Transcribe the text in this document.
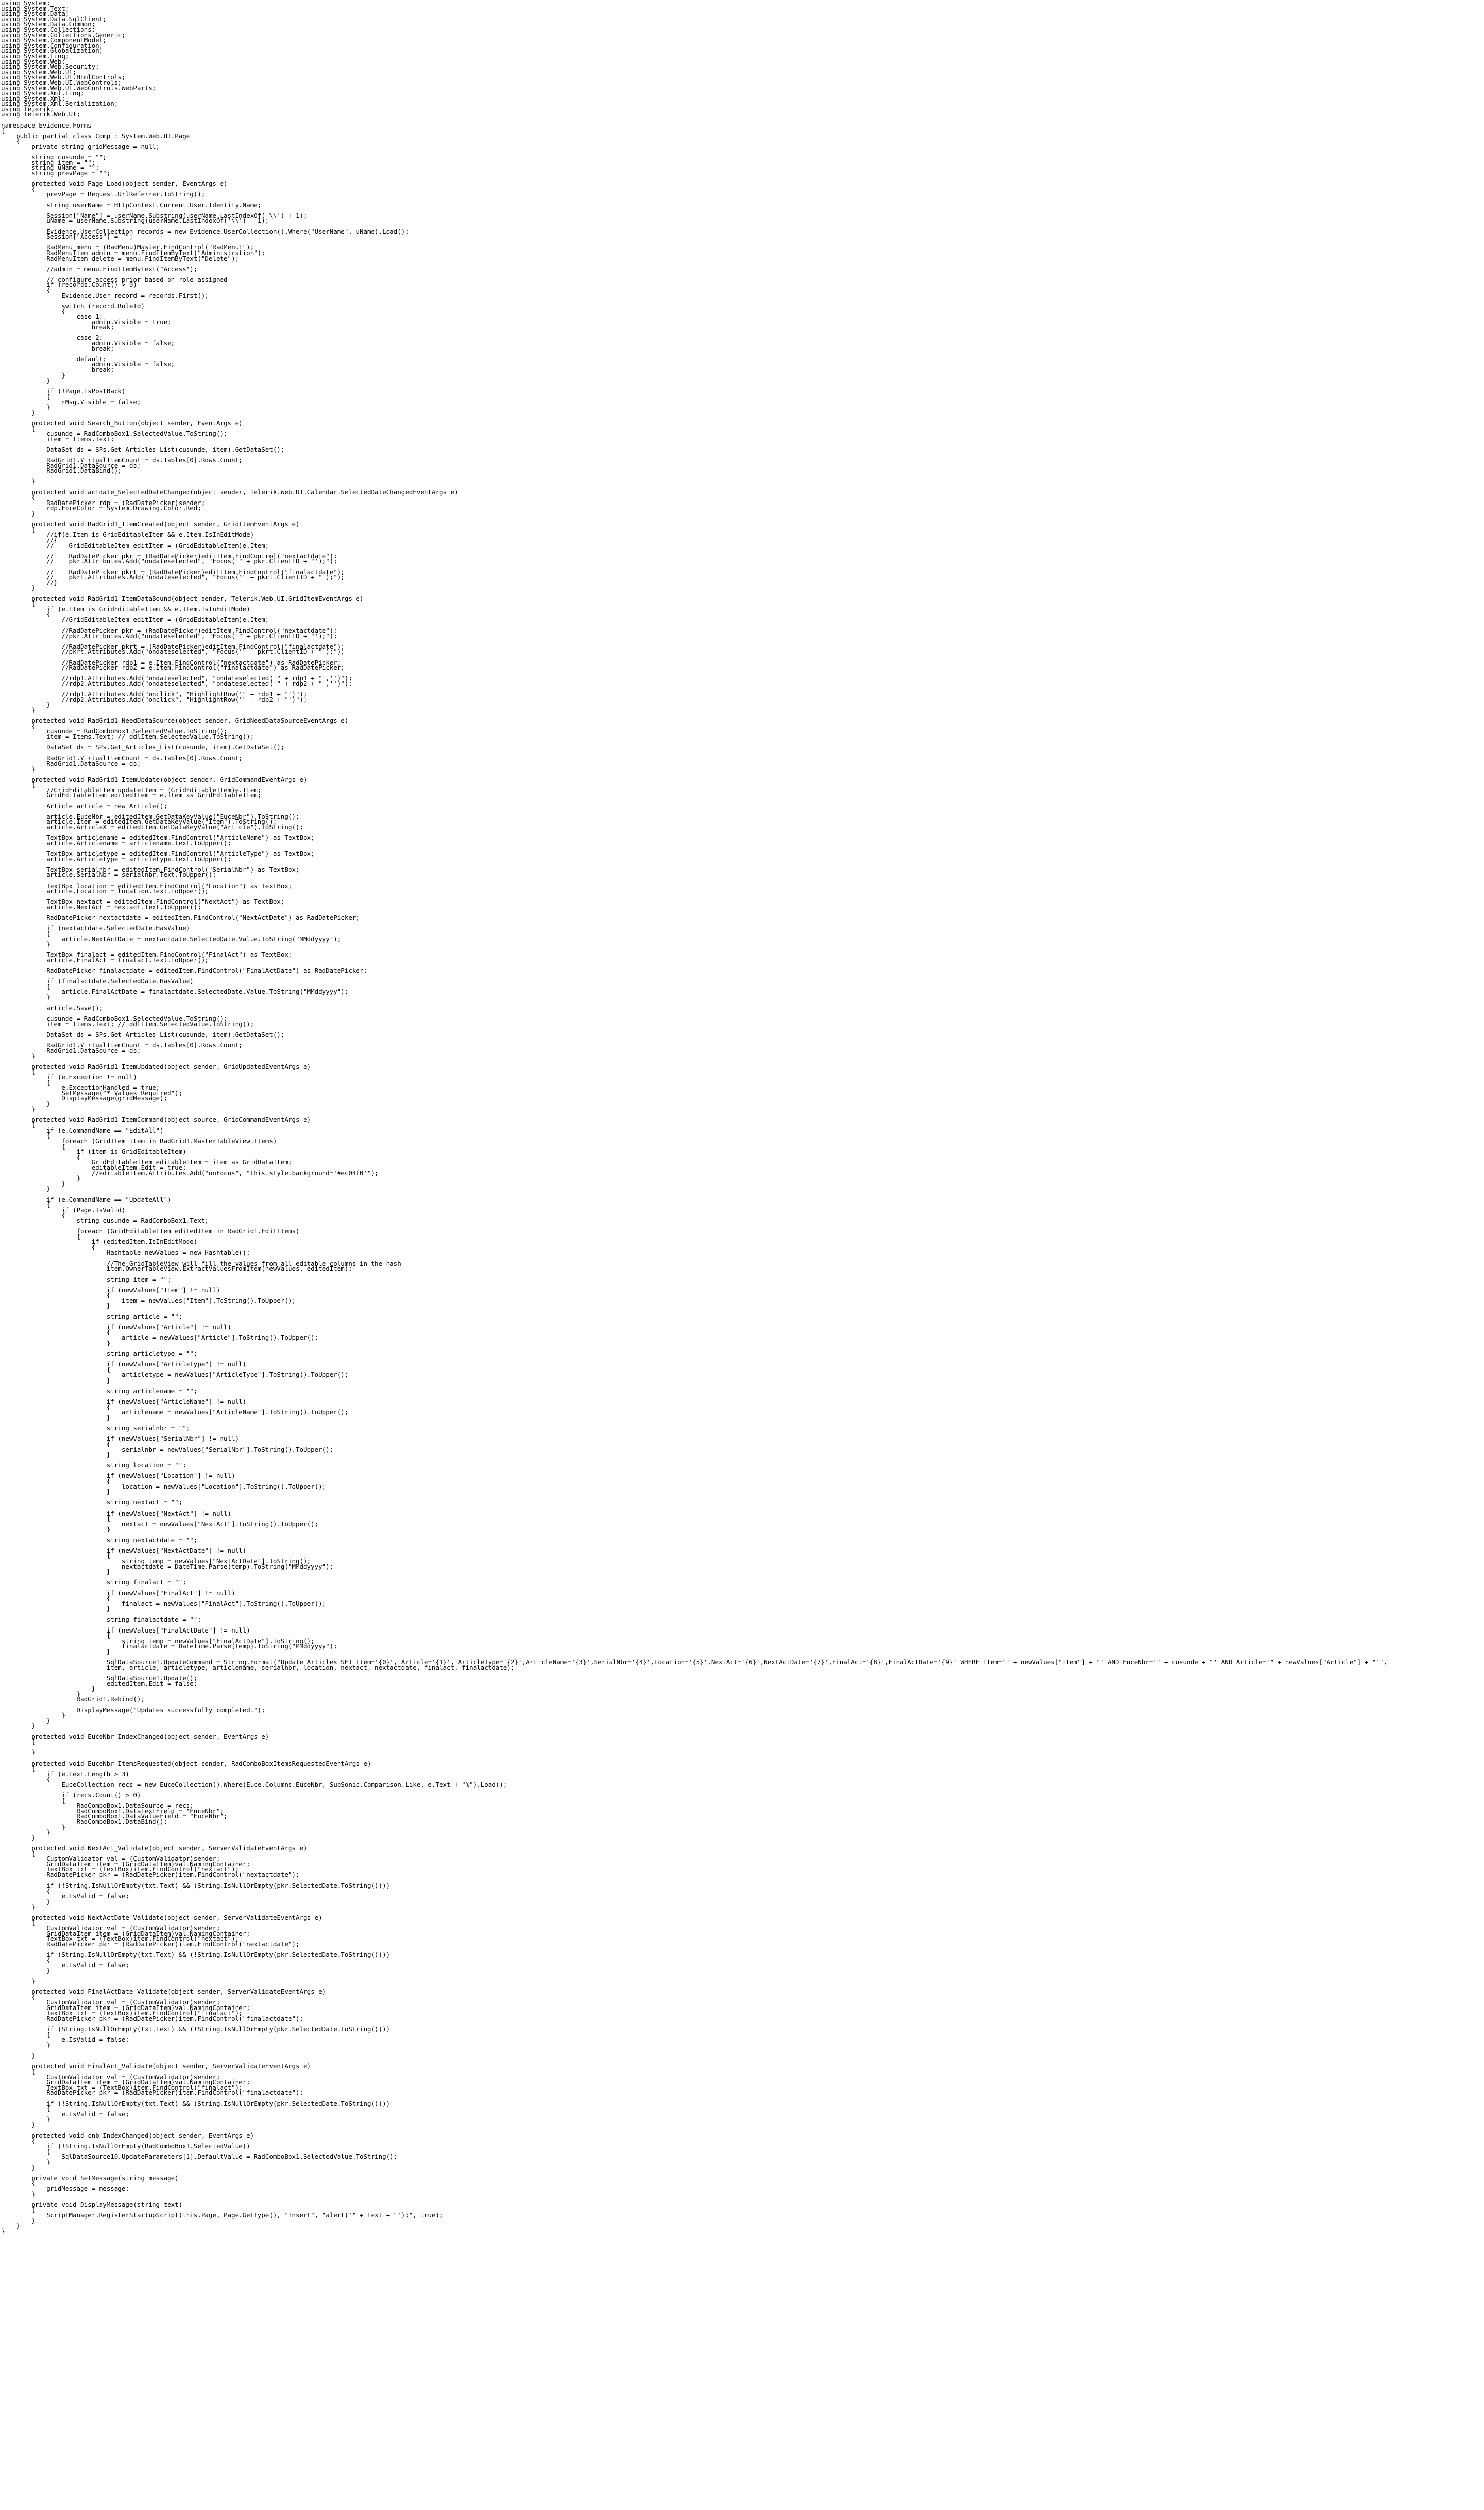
using System;
using System.Text;
using System.Data;
using System.Data.SqlClient;
using System.Data.Common;
using System.Collections;
using System.Collections.Generic;
using System.ComponentModel;
using System.Configuration;
using System.Globalization;
using System.Linq;
using System.Web;
using System.Web.Security;
using System.Web.UI;
using System.Web.UI.HtmlControls;
using System.Web.UI.WebControls;
using System.Web.UI.WebControls.WebParts;
using System.Xml.Linq;
using System.Xml;
using System.Xml.Serialization;
using Telerik;
using Telerik.Web.UI;
namespace Evidence.Forms
{
public partial class Comp : System.Web.UI.Page
{
private string gridMessage = null;
string cusunde = "";
string item = "";
string uName = "";
string prevPage = "";
protected void Page_Load(object sender, EventArgs e)
{
prevPage = Request.UrlReferrer.ToString();
string userName = HttpContext.Current.User.Identity.Name;
Session["Name"] = userName.Substring(userName.LastIndexOf('\\') + 1);
uName = userName.Substring(userName.LastIndexOf('\\') + 1);
Evidence.UserCollection records = new Evidence.UserCollection().Where("UserName", uName).Load();
Session["Access"] = "";
RadMenu menu = (RadMenu)Master.FindControl("RadMenu1");
RadMenuItem admin = menu.FindItemByText("Administration");
RadMenuItem delete = menu.FindItemByText("Delete");
//admin = menu.FindItemByText("Access");
// configure access prior based on role assigned
if (records.Count() > 0)
{
Evidence.User record = records.First();
switch (record.RoleId)
{
case 1:
admin.Visible = true;
break;
case 2:
admin.Visible = false;
break;
default:
admin.Visible = false;
break;
}
}
if (!Page.IsPostBack)
{
rMsg.Visible = false;
}
}
protected void Search_Button(object sender, EventArgs e)
{
cusunde = RadComboBox1.SelectedValue.ToString();
item = Items.Text;
DataSet ds = SPs.Get_Articles_List(cusunde, item).GetDataSet();
RadGrid1.VirtualItemCount = ds.Tables[0].Rows.Count;
RadGrid1.DataSource = ds;
RadGrid1.DataBind();
}
protected void actdate_SelectedDateChanged(object sender, Telerik.Web.UI.Calendar.SelectedDateChangedEventArgs e)
{
RadDatePicker rdp = (RadDatePicker)sender;
rdp.ForeColor = System.Drawing.Color.Red;
}
protected void RadGrid1_ItemCreated(object sender, GridItemEventArgs e)
{
//if(e.Item is GridEditableItem && e.Item.IsInEditMode)
//{
//    GridEditableItem editItem = (GridEditableItem)e.Item;
//    RadDatePicker pkr = (RadDatePicker)editItem.FindControl("nextactdate");
//    pkr.Attributes.Add("ondateselected", "Focus('" + pkr.ClientID + "');");
//    RadDatePicker pkrt = (RadDatePicker)editItem.FindControl("finalactdate");
//    pkrt.Attributes.Add("ondateselected", "Focus('" + pkrt.ClientID + "');");
//}
}
protected void RadGrid1_ItemDataBound(object sender, Telerik.Web.UI.GridItemEventArgs e)
{
if (e.Item is GridEditableItem && e.Item.IsInEditMode)
{
//GridEditableItem editItem = (GridEditableItem)e.Item;
//RadDatePicker pkr = (RadDatePicker)editItem.FindControl("nextactdate");
//pkr.Attributes.Add("ondateselected", "Focus('" + pkr.ClientID + "');");
//RadDatePicker pkrt = (RadDatePicker)editItem.FindControl("finalactdate");
//pkrt.Attributes.Add("ondateselected", "Focus('" + pkrt.ClientID + "');");
//RadDatePicker rdp1 = e.Item.FindControl("nextactdate") as RadDatePicker;
//RadDatePicker rdp2 = e.Item.FindControl("finalactdate") as RadDatePicker;
//rdp1.Attributes.Add("ondateselected", "ondateselected('" + rdp1 + "','')");
//rdp2.Attributes.Add("ondateselected", "ondateselected('" + rdp2 + "','')");
//rdp1.Attributes.Add("onclick", "HighlightRow('" + rdp1 + "')");
//rdp2.Attributes.Add("onclick", "HighlightRow('" + rdp2 + "')");
}
}
protected void RadGrid1_NeedDataSource(object sender, GridNeedDataSourceEventArgs e)
{
cusunde = RadComboBox1.SelectedValue.ToString();
item = Items.Text; // ddlItem.SelectedValue.ToString();
DataSet ds = SPs.Get_Articles_List(cusunde, item).GetDataSet();
RadGrid1.VirtualItemCount = ds.Tables[0].Rows.Count;
RadGrid1.DataSource = ds;
}
protected void RadGrid1_ItemUpdate(object sender, GridCommandEventArgs e)
{
//GridEditableItem updateItem = (GridEditableItem)e.Item;
GridEditableItem editedItem = e.Item as GridEditableItem;
Article article = new Article();
article.EuceNbr = editedItem.GetDataKeyValue("EuceNbr").ToString();
article.Item = editedItem.GetDataKeyValue("Item").ToString();
article.ArticleX = editedItem.GetDataKeyValue("Article").ToString();
TextBox articlename = editedItem.FindControl("ArticleName") as TextBox;
article.Articlename = articlename.Text.ToUpper();
TextBox articletype = editedItem.FindControl("ArticleType") as TextBox;
article.Articletype = articletype.Text.ToUpper();
TextBox serialnbr = editedItem.FindControl("SerialNbr") as TextBox;
article.SerialNbr = serialnbr.Text.ToUpper();
TextBox location = editedItem.FindControl("Location") as TextBox;
article.Location = location.Text.ToUpper();
TextBox nextact = editedItem.FindControl("NextAct") as TextBox;
article.NextAct = nextact.Text.ToUpper();
RadDatePicker nextactdate = editedItem.FindControl("NextActDate") as RadDatePicker;
if (nextactdate.SelectedDate.HasValue)
{
article.NextActDate = nextactdate.SelectedDate.Value.ToString("MMddyyyy");
}
TextBox finalact = editedItem.FindControl("FinalAct") as TextBox;
article.FinalAct = finalact.Text.ToUpper();
RadDatePicker finalactdate = editedItem.FindControl("FinalActDate") as RadDatePicker;
if (finalactdate.SelectedDate.HasValue)
{
article.FinalActDate = finalactdate.SelectedDate.Value.ToString("MMddyyyy");
}
article.Save();
cusunde = RadComboBox1.SelectedValue.ToString();
item = Items.Text; // ddlItem.SelectedValue.ToString();
DataSet ds = SPs.Get_Articles_List(cusunde, item).GetDataSet();
RadGrid1.VirtualItemCount = ds.Tables[0].Rows.Count;
RadGrid1.DataSource = ds;
}
protected void RadGrid1_ItemUpdated(object sender, GridUpdatedEventArgs e)
{
if (e.Exception != null)
{
e.ExceptionHandled = true;
SetMessage("* Values Required");
DisplayMessage(gridMessage);
}
}
protected void RadGrid1_ItemCommand(object source, GridCommandEventArgs e)
{
if (e.CommandName == "EditAll")
{
foreach (GridItem item in RadGrid1.MasterTableView.Items)
{
if (item is GridEditableItem)
{
GridEditableItem editableItem = item as GridDataItem;
editableItem.Edit = true;
//editableItem.Attributes.Add("onFocus", "this.style.background='#ec04f0'");
}
}
}
if (e.CommandName == "UpdateAll")
{
if (Page.IsValid)
{
string cusunde = RadComboBox1.Text;
foreach (GridEditableItem editedItem in RadGrid1.EditItems)
{
if (editedItem.IsInEditMode)
{
Hashtable newValues = new Hashtable();
//The GridTableView will fill the values from all editable columns in the hash
item.OwnerTableView.ExtractValuesFromItem(newValues, editedItem);
string item = "";
if (newValues["Item"] != null)
{
item = newValues["Item"].ToString().ToUpper();
}
string article = "";
if (newValues["Article"] != null)
{
article = newValues["Article"].ToString().ToUpper();
}
string articletype = "";
if (newValues["ArticleType"] != null)
{
articletype = newValues["ArticleType"].ToString().ToUpper();
}
string articlename = "";
if (newValues["ArticleName"] != null)
{
articlename = newValues["ArticleName"].ToString().ToUpper();
}
string serialnbr = "";
if (newValues["SerialNbr"] != null)
{
serialnbr = newValues["SerialNbr"].ToString().ToUpper();
}
string location = "";
if (newValues["Location"] != null)
{
location = newValues["Location"].ToString().ToUpper();
}
string nextact = "";
if (newValues["NextAct"] != null)
{
nextact = newValues["NextAct"].ToString().ToUpper();
}
string nextactdate = "";
if (newValues["NextActDate"] != null)
{
string temp = newValues["NextActDate"].ToString();
nextactdate = DateTime.Parse(temp).ToString("MMddyyyy");
}
string finalact = "";
if (newValues["FinalAct"] != null)
{
finalact = newValues["FinalAct"].ToString().ToUpper();
}
string finalactdate = "";
if (newValues["FinalActDate"] != null)
{
string temp = newValues["FinalActDate"].ToString();
finalactdate = DateTime.Parse(temp).ToString("MMddyyyy");
}
SqlDataSource1.UpdateCommand = String.Format("Update Articles SET Item='{0}', Article='{1}', ArticleType='{2}',ArticleName='{3}',SerialNbr='{4}',Location='{5}',NextAct='{6}',NextActDate='{7}',FinalAct='{8}',FinalActDate='{9}' WHERE Item='" + newValues["Item"] + "' AND EuceNbr='" + cusunde + "' AND Article='" + newValues["Article"] + "'",
item, article, articletype, articlename, serialnbr, location, nextact, nextactdate, finalact, finalactdate);
SqlDataSource1.Update();
editedItem.Edit = false;
}
}
RadGrid1.Rebind();
DisplayMessage("Updates successfully completed.");
}
}
}
protected void EuceNbr_IndexChanged(object sender, EventArgs e)
{
}
protected void EuceNbr_ItemsRequested(object sender, RadComboBoxItemsRequestedEventArgs e)
{
if (e.Text.Length > 3)
{
EuceCollection recs = new EuceCollection().Where(Euce.Columns.EuceNbr, SubSonic.Comparison.Like, e.Text + "%").Load();
if (recs.Count() > 0)
{
RadComboBox1.DataSource = recs;
RadComboBox1.DataTextField = "EuceNbr";
RadComboBox1.DataValueField = "EuceNbr";
RadComboBox1.DataBind();
}
}
}
protected void NextAct_Validate(object sender, ServerValidateEventArgs e)
{
CustomValidator val = (CustomValidator)sender;
GridDataItem item = (GridDataItem)val.NamingContainer;
TextBox txt = (TextBox)item.FindControl("nextact");
RadDatePicker pkr = (RadDatePicker)item.FindControl("nextactdate");
if (!String.IsNullOrEmpty(txt.Text) && (String.IsNullOrEmpty(pkr.SelectedDate.ToString())))
{
e.IsValid = false;
}
}
protected void NextActDate_Validate(object sender, ServerValidateEventArgs e)
{
CustomValidator val = (CustomValidator)sender;
GridDataItem item = (GridDataItem)val.NamingContainer;
TextBox txt = (TextBox)item.FindControl("nextact");
RadDatePicker pkr = (RadDatePicker)item.FindControl("nextactdate");
if (String.IsNullOrEmpty(txt.Text) && (!String.IsNullOrEmpty(pkr.SelectedDate.ToString())))
{
e.IsValid = false;
}
}
protected void FinalActDate_Validate(object sender, ServerValidateEventArgs e)
{
CustomValidator val = (CustomValidator)sender;
GridDataItem item = (GridDataItem)val.NamingContainer;
TextBox txt = (TextBox)item.FindControl("finalact");
RadDatePicker pkr = (RadDatePicker)item.FindControl("finalactdate");
if (String.IsNullOrEmpty(txt.Text) && (!String.IsNullOrEmpty(pkr.SelectedDate.ToString())))
{
e.IsValid = false;
}
}
protected void FinalAct_Validate(object sender, ServerValidateEventArgs e)
{
CustomValidator val = (CustomValidator)sender;
GridDataItem item = (GridDataItem)val.NamingContainer;
TextBox txt = (TextBox)item.FindControl("finalact");
RadDatePicker pkr = (RadDatePicker)item.FindControl("finalactdate");
if (!String.IsNullOrEmpty(txt.Text) && (String.IsNullOrEmpty(pkr.SelectedDate.ToString())))
{
e.IsValid = false;
}
}
protected void cnb_IndexChanged(object sender, EventArgs e)
{
if (!String.IsNullOrEmpty(RadComboBox1.SelectedValue))
{
SqlDataSource10.UpdateParameters[1].DefaultValue = RadComboBox1.SelectedValue.ToString();
}
}
private void SetMessage(string message)
{
gridMessage = message;
}
private void DisplayMessage(string text)
{
ScriptManager.RegisterStartupScript(this.Page, Page.GetType(), "Insert", "alert('" + text + "');", true);
}
}
}
